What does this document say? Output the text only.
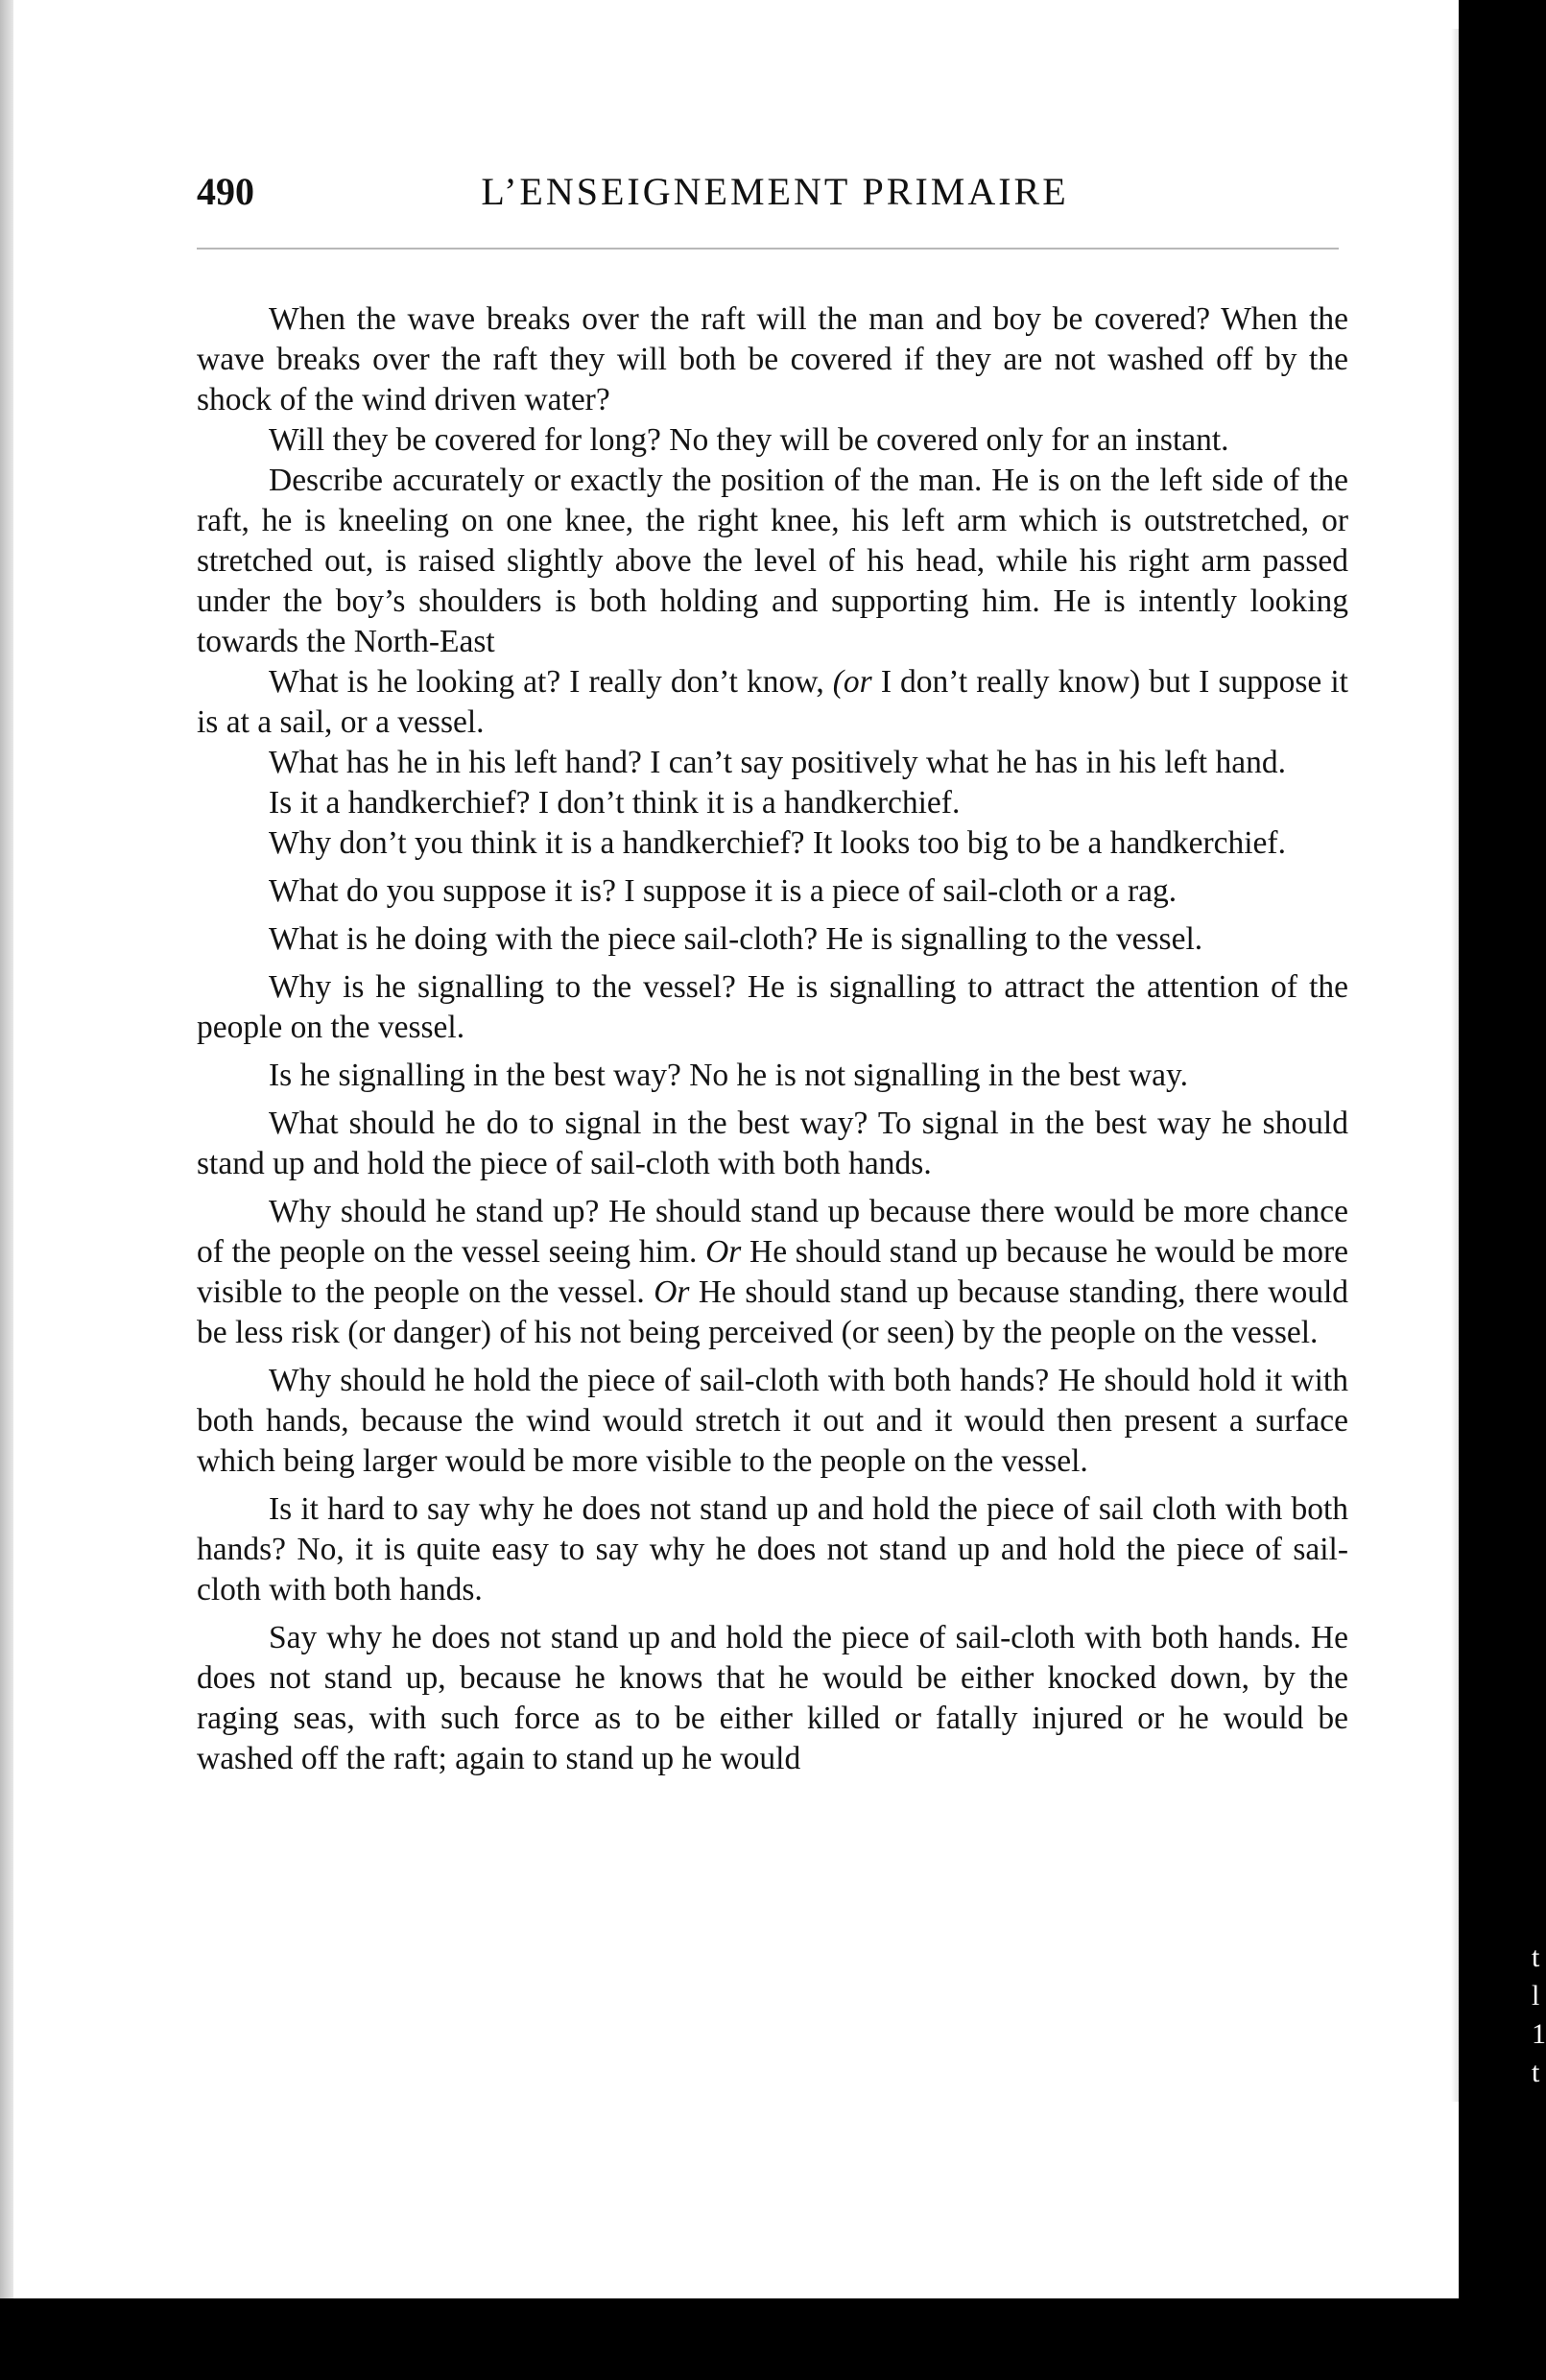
490	L’ENSEIGNEMENT PRIMAIRE

When the wave breaks over the raft will the man and boy be covered? When the wave breaks over the raft they will both be covered if they are not washed off by the shock of the wind driven water?

Will they be covered for long? No they will be covered only for an instant.

Describe accurately or exactly the position of the man. He is on the left side of the raft, he is kneeling on one knee, the right knee, his left arm which is outstretched, or stretched out, is raised slightly above the level of his head, while his right arm passed under the boy’s shoulders is both holding and supporting him. He is intently looking towards the North-East

What is he looking at? I really don’t know, (or I don’t really know) but I suppose it is at a sail, or a vessel.

What has he in his left hand? I can’t say positively what he has in his left hand.

Is it a handkerchief? I don’t think it is a handkerchief.

Why don’t you think it is a handkerchief? It looks too big to be a handkerchief.

What do you suppose it is? I suppose it is a piece of sail-cloth or a rag.

What is he doing with the piece sail-cloth? He is signalling to the vessel.

Why is he signalling to the vessel? He is signalling to attract the attention of the people on the vessel.

Is he signalling in the best way? No he is not signalling in the best way.

What should he do to signal in the best way? To signal in the best way he should stand up and hold the piece of sail-cloth with both hands.

Why should he stand up? He should stand up because there would be more chance of the people on the vessel seeing him. Or He should stand up because he would be more visible to the people on the vessel. Or He should stand up because standing, there would be less risk (or danger) of his not being perceived (or seen) by the people on the vessel.

Why should he hold the piece of sail-cloth with both hands? He should hold it with both hands, because the wind would stretch it out and it would then present a surface which being larger would be more visible to the people on the vessel.

Is it hard to say why he does not stand up and hold the piece of sail cloth with both hands? No, it is quite easy to say why he does not stand up and hold the piece of sail-cloth with both hands.

Say why he does not stand up and hold the piece of sail-cloth with both hands. He does not stand up, because he knows that he would be either knocked down, by the raging seas, with such force as to be either killed or fatally injured or he would be washed off the raft; again to stand up he would

t
l
1
t
